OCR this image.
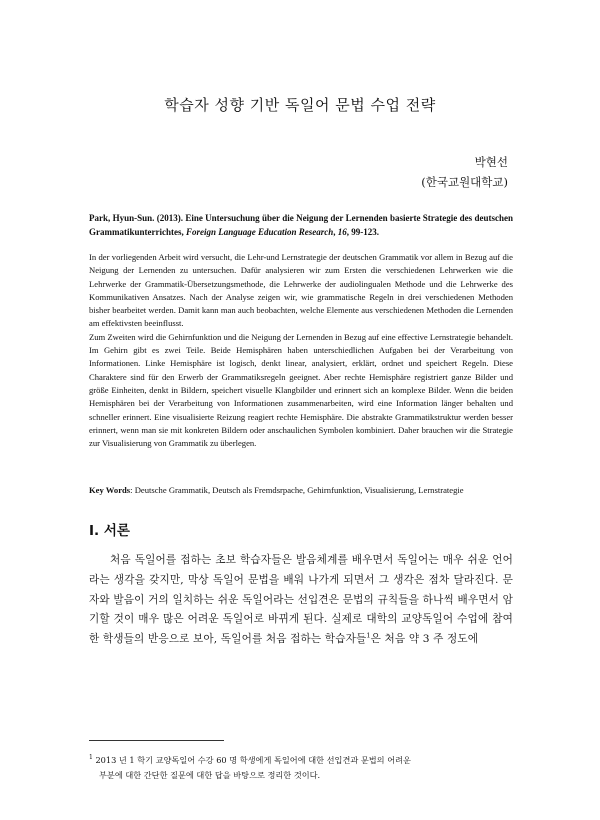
학습자 성향 기반 독일어 문법 수업 전략
박현선
(한국교원대학교)
Park, Hyun-Sun. (2013). Eine Untersuchung über die Neigung der Lernenden basierte Strategie des deutschen Grammatikunterrichtes, Foreign Language Education Research, 16, 99-123.

In der vorliegenden Arbeit wird versucht, die Lehr-und Lernstrategie der deutschen Grammatik vor allem in Bezug auf die Neigung der Lernenden zu untersuchen. Dafür analysieren wir zum Ersten die verschiedenen Lehrwerken wie die Lehrwerke der Grammatik-Übersetzungsmethode, die Lehrwerke der audiolingualen Methode und die Lehrwerke des Kommunikativen Ansatzes. Nach der Analyse zeigen wir, wie grammatische Regeln in drei verschiedenen Methoden bisher bearbeitet werden. Damit kann man auch beobachten, welche Elemente aus verschiedenen Methoden die Lernenden am effektivsten beeinflusst.

Zum Zweiten wird die Gehirnfunktion und die Neigung der Lernenden in Bezug auf eine effective Lernstrategie behandelt. Im Gehirn gibt es zwei Teile. Beide Hemisphären haben unterschiedlichen Aufgaben bei der Verarbeitung von Informationen. Linke Hemisphäre ist logisch, denkt linear, analysiert, erklärt, ordnet und speichert Regeln. Diese Charaktere sind für den Erwerb der Grammatiksregeln geeignet. Aber rechte Hemisphäre registriert ganze Bilder und größe Einheiten, denkt in Bildern, speichert visuelle Klangbilder und erinnert sich an komplexe Bilder. Wenn die beiden Hemisphären bei der Verarbeitung von Informationen zusammenarbeiten, wird eine Information länger behalten und schneller erinnert. Eine visualisierte Reizung reagiert rechte Hemisphäre. Die abstrakte Grammatikstruktur werden besser erinnert, wenn man sie mit konkreten Bildern oder anschaulichen Symbolen kombiniert. Daher brauchen wir die Strategie zur Visualisierung von Grammatik zu überlegen.

Key Words: Deutsche Grammatik, Deutsch als Fremdsrpache, Gehirnfunktion, Visualisierung, Lernstrategie
Ⅰ. 서론

처음 독일어를 접하는 초보 학습자들은 발음체계를 배우면서 독일어는 매우 쉬운 언어라는 생각을 갖지만, 막상 독일어 문법을 배워 나가게 되면서 그 생각은 점차 달라진다. 문자와 발음이 거의 일치하는 쉬운 독일어라는 선입견은 문법의 규칙들을 하나씩 배우면서 암기할 것이 매우 많은 어려운 독일어로 바뀌게 된다. 실제로 대학의 교양독일어 수업에 참여한 학생들의 반응으로 보아, 독일어를 처음 접하는 학습자들$^1$은 처음 약 3 주 정도에

$^1$ 2013 년 1 학기 교양독일어 수강 60 명 학생에게 독일어에 대한 선입견과 문법의 어려운
부분에 대한 간단한 질문에 대한 답을 바탕으로 정리한 것이다.
